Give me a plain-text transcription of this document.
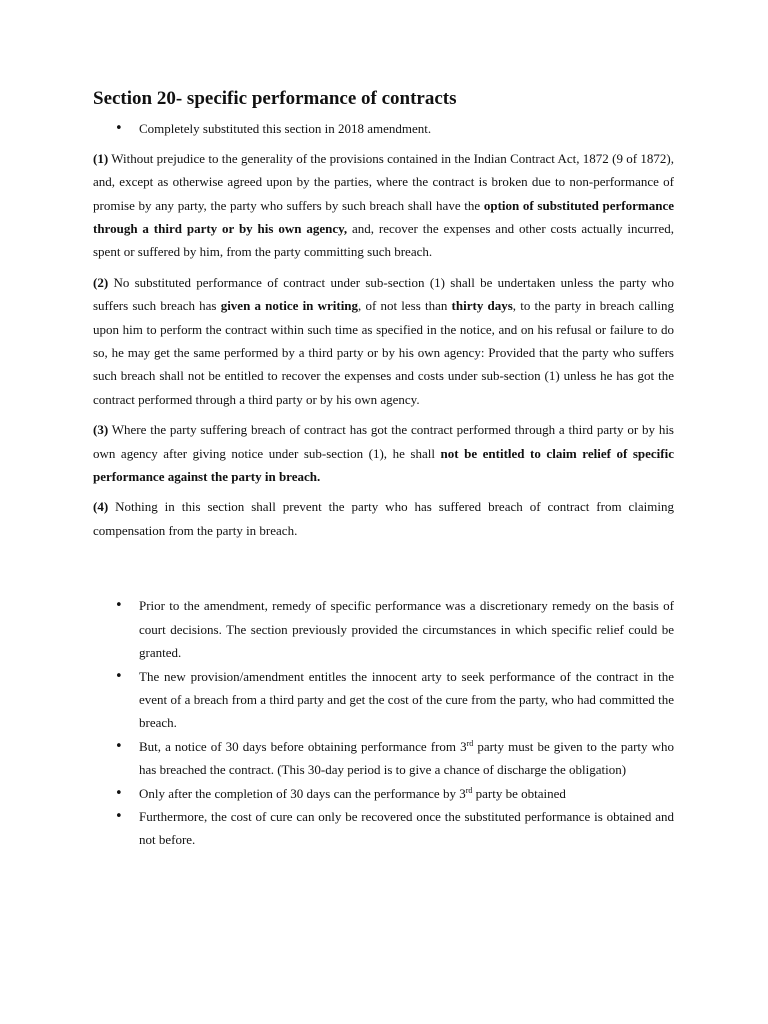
Section 20- specific performance of contracts
• Completely substituted this section in 2018 amendment.

(1) Without prejudice to the generality of the provisions contained in the Indian Contract Act, 1872 (9 of 1872), and, except as otherwise agreed upon by the parties, where the contract is broken due to non-performance of promise by any party, the party who suffers by such breach shall have the option of substituted performance through a third party or by his own agency, and, recover the expenses and other costs actually incurred, spent or suffered by him, from the party committing such breach.

(2) No substituted performance of contract under sub-section (1) shall be undertaken unless the party who suffers such breach has given a notice in writing, of not less than thirty days, to the party in breach calling upon him to perform the contract within such time as specified in the notice, and on his refusal or failure to do so, he may get the same performed by a third party or by his own agency: Provided that the party who suffers such breach shall not be entitled to recover the expenses and costs under sub-section (1) unless he has got the contract performed through a third party or by his own agency.

(3) Where the party suffering breach of contract has got the contract performed through a third party or by his own agency after giving notice under sub-section (1), he shall not be entitled to claim relief of specific performance against the party in breach.

(4) Nothing in this section shall prevent the party who has suffered breach of contract from claiming compensation from the party in breach.

• Prior to the amendment, remedy of specific performance was a discretionary remedy on the basis of court decisions. The section previously provided the circumstances in which specific relief could be granted.
• The new provision/amendment entitles the innocent arty to seek performance of the contract in the event of a breach from a third party and get the cost of the cure from the party, who had committed the breach.
• But, a notice of 30 days before obtaining performance from 3rd party must be given to the party who has breached the contract. (This 30-day period is to give a chance of discharge the obligation)
• Only after the completion of 30 days can the performance by 3rd party be obtained
• Furthermore, the cost of cure can only be recovered once the substituted performance is obtained and not before.
